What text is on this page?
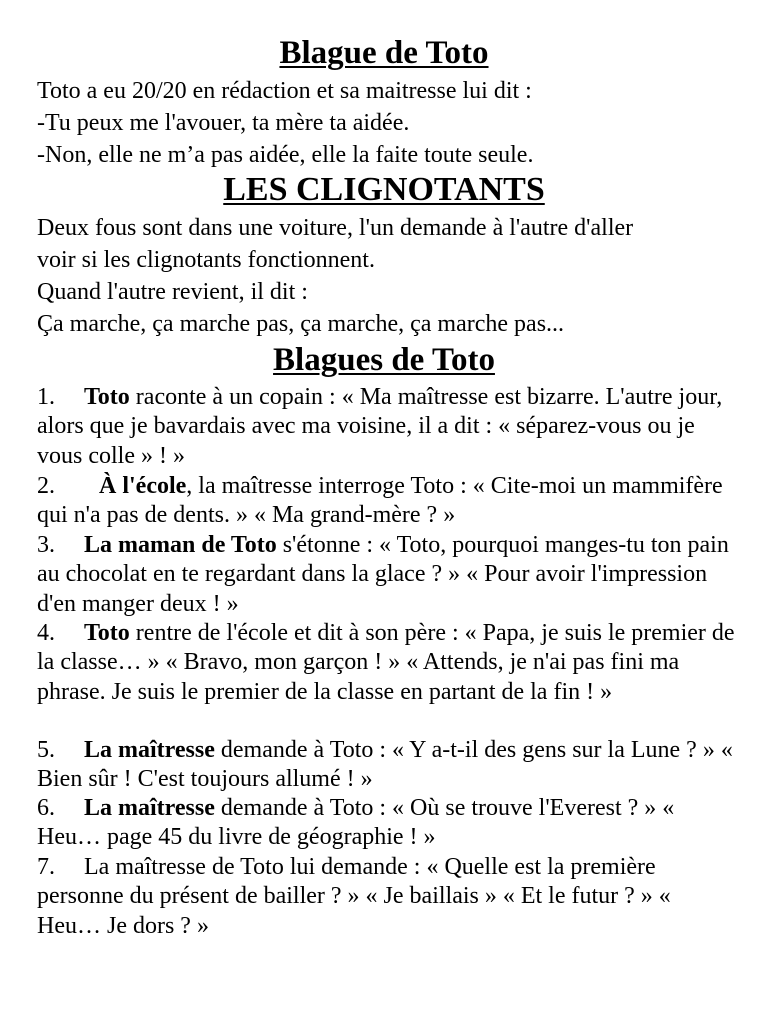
Blague de Toto
Toto a eu 20/20 en rédaction et sa maitresse lui dit :
-Tu peux me l'avouer, ta mère ta aidée.
-Non, elle ne m’a pas aidée, elle la faite toute seule.
LES CLIGNOTANTS
Deux fous sont dans une voiture, l'un demande à l'autre d'aller
voir si les clignotants fonctionnent.
Quand l'autre revient, il dit :
Ça marche, ça marche pas, ça marche, ça marche pas...
Blagues de Toto
1. Toto raconte à un copain : « Ma maîtresse est bizarre. L'autre jour, alors que je bavardais avec ma voisine, il a dit : « séparez-vous ou je vous colle » ! »
2. À l'école, la maîtresse interroge Toto : « Cite-moi un mammifère qui n'a pas de dents. » « Ma grand-mère ? »
3. La maman de Toto s'étonne : « Toto, pourquoi manges-tu ton pain au chocolat en te regardant dans la glace ? » « Pour avoir l'impression d'en manger deux ! »
4. Toto rentre de l'école et dit à son père : « Papa, je suis le premier de la classe… » « Bravo, mon garçon ! » « Attends, je n'ai pas fini ma phrase. Je suis le premier de la classe en partant de la fin ! »
5. La maîtresse demande à Toto : « Y a-t-il des gens sur la Lune ? » « Bien sûr ! C'est toujours allumé ! »
6. La maîtresse demande à Toto : « Où se trouve l'Everest ? » « Heu… page 45 du livre de géographie ! »
7. La maîtresse de Toto lui demande : « Quelle est la première personne du présent de bailler ? » « Je baillais » « Et le futur ? » « Heu… Je dors ? »
